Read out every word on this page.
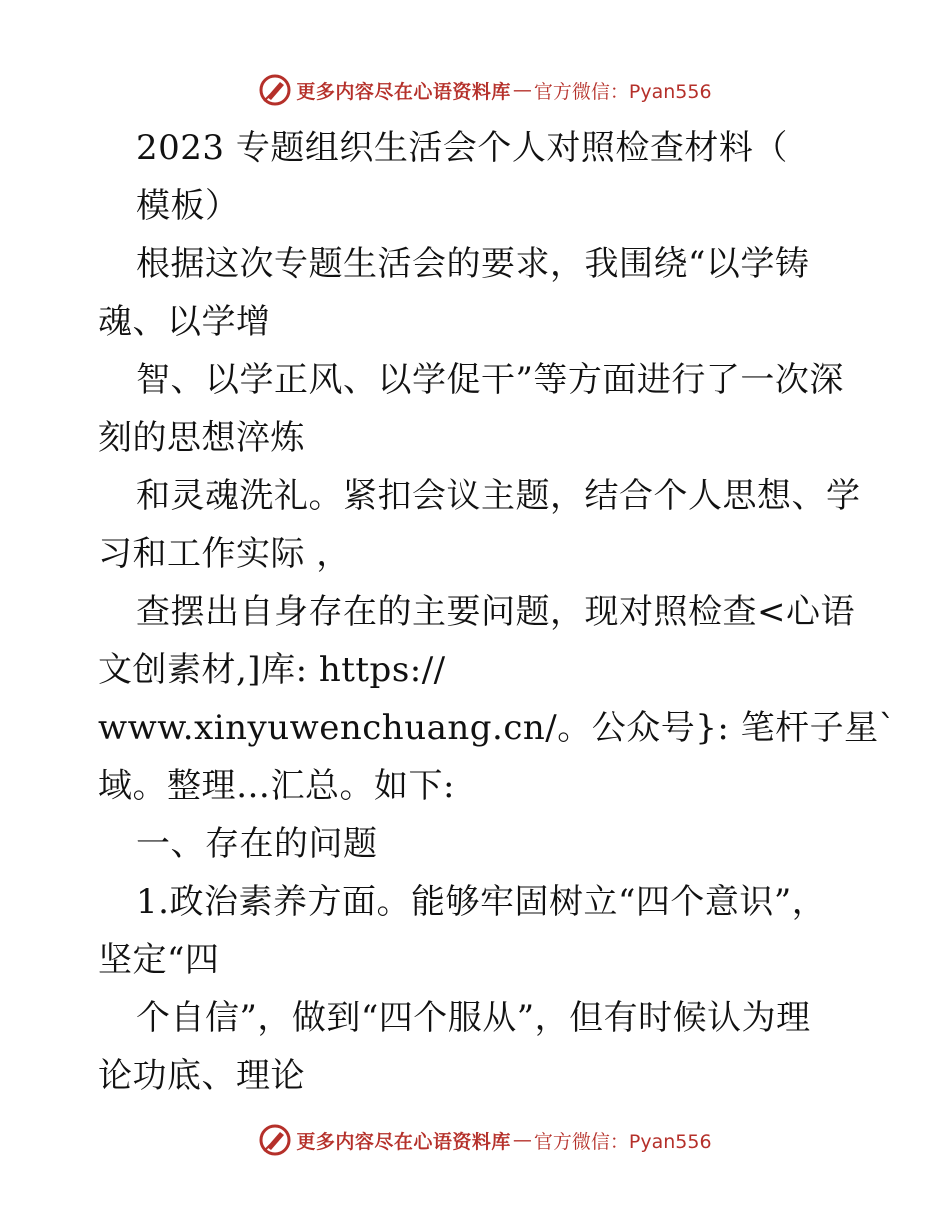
更多内容尽在心语资料库 — 官方微信：Pyan556
2023 专题组织生活会个人对照检查材料（
模板）
根据这次专题生活会的要求，我围绕“以学铸
魂、以学增
智、以学正风、以学促干”等方面进行了一次深
刻的思想淬炼
和灵魂洗礼。紧扣会议主题，结合个人思想、学
习和工作实际 ，
查摆出自身存在的主要问题，现对照检查<心语
文创素材,]库: https://
www.xinyuwenchuang.cn/。公众号}: 笔杆子星`
域。整理…汇总。如下:
一、存在的问题
1.政治素养方面。能够牢固树立“四个意识”，
坚定“四
个自信”，做到“四个服从”，但有时候认为理
论功底、理论
更多内容尽在心语资料库 — 官方微信：Pyan556
